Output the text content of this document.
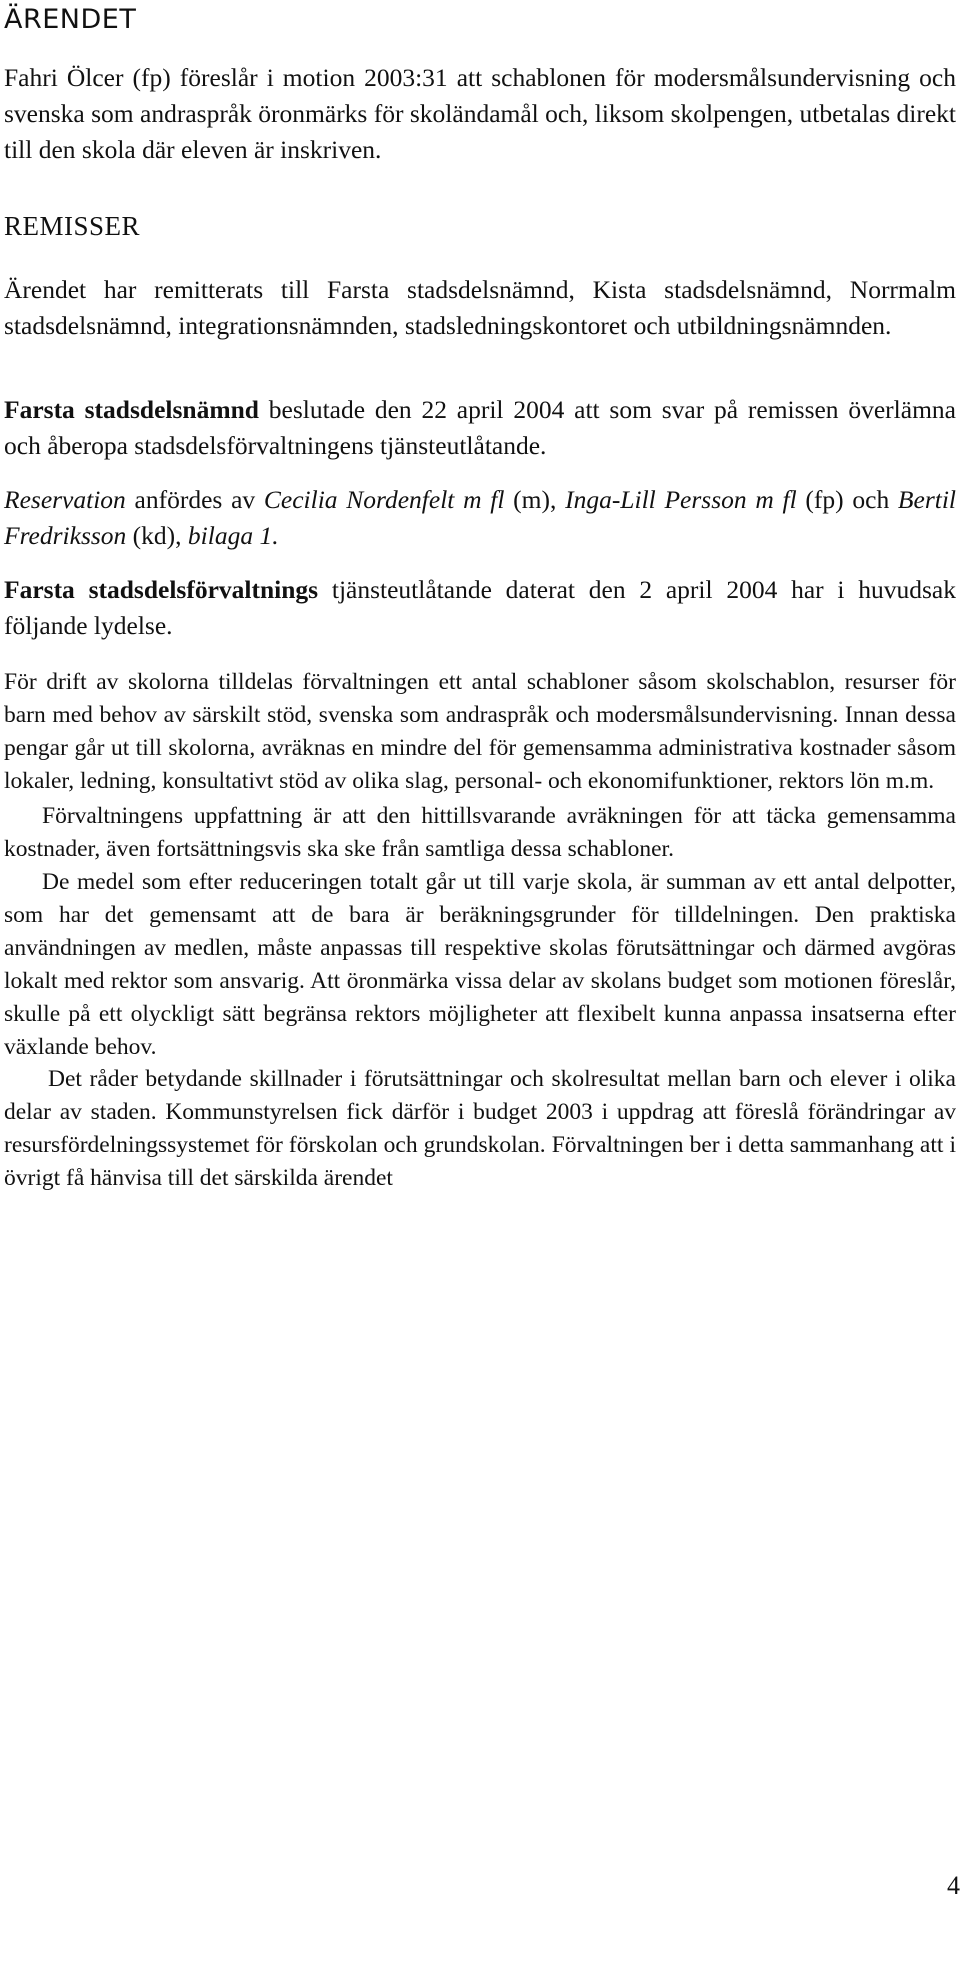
ÄRENDET

Fahri Ölcer (fp) föreslår i motion 2003:31 att schablonen för modersmålsundervisning och svenska som andraspråk öronmärks för skoländamål och, liksom skolpengen, utbetalas direkt till den skola där eleven är inskriven.

REMISSER

Ärendet har remitterats till Farsta stadsdelsnämnd, Kista stadsdelsnämnd, Norrmalm stadsdelsnämnd, integrationsnämnden, stadsledningskontoret och utbildningsnämnden.

Farsta stadsdelsnämnd beslutade den 22 april 2004 att som svar på remissen överlämna och åberopa stadsdelsförvaltningens tjänsteutlåtande.

Reservation anfördes av Cecilia Nordenfelt m fl (m), Inga-Lill Persson m fl (fp) och Bertil Fredriksson (kd), bilaga 1.

Farsta stadsdelsförvaltnings tjänsteutlåtande daterat den 2 april 2004 har i huvudsak följande lydelse.

För drift av skolorna tilldelas förvaltningen ett antal schabloner såsom skolschablon, resurser för barn med behov av särskilt stöd, svenska som andraspråk och modersmålsundervisning. Innan dessa pengar går ut till skolorna, avräknas en mindre del för gemensamma administrativa kostnader såsom lokaler, ledning, konsultativt stöd av olika slag, personal- och ekonomifunktioner, rektors lön m.m.

Förvaltningens uppfattning är att den hittillsvarande avräkningen för att täcka gemensamma kostnader, även fortsättningsvis ska ske från samtliga dessa schabloner.

De medel som efter reduceringen totalt går ut till varje skola, är summan av ett antal delpotter, som har det gemensamt att de bara är beräkningsgrunder för tilldelningen. Den praktiska användningen av medlen, måste anpassas till respektive skolas förutsättningar och därmed avgöras lokalt med rektor som ansvarig. Att öronmärka vissa delar av skolans budget som motionen föreslår, skulle på ett olyckligt sätt begränsa rektors möjligheter att flexibelt kunna anpassa insatserna efter växlande behov.

Det råder betydande skillnader i förutsättningar och skolresultat mellan barn och elever i olika delar av staden. Kommunstyrelsen fick därför i budget 2003 i uppdrag att föreslå förändringar av resursfördelningssystemet för förskolan och grundskolan. Förvaltningen ber i detta sammanhang att i övrigt få hänvisa till det särskilda ärendet

4
